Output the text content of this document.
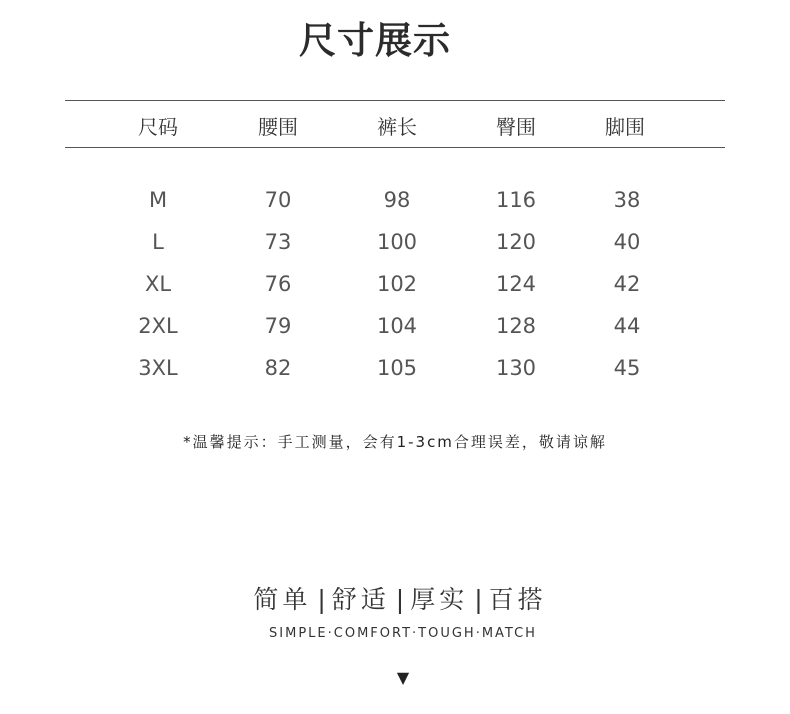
尺寸展示
尺码	腰围	裤长	臀围	脚围
M	70	98	116	38
L	73	100	120	40
XL	76	102	124	42
2XL	79	104	128	44
3XL	82	105	130	45
*温馨提示：手工测量，会有1-3cm合理误差，敬请谅解
简单 | 舒适 | 厚实 | 百搭
SIMPLE·COMFORT·TOUGH·MATCH
▼
